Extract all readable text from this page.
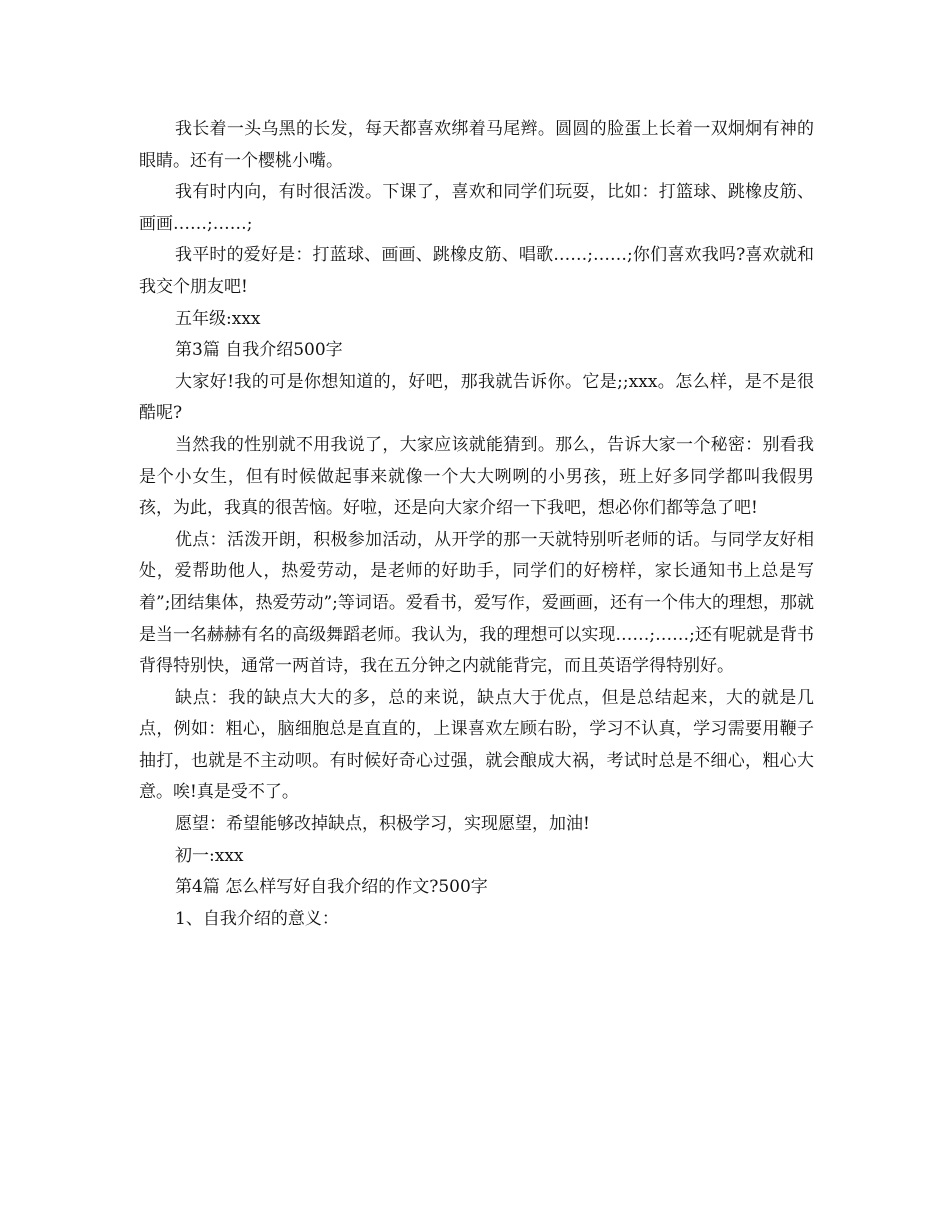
我长着一头乌黑的长发，每天都喜欢绑着马尾辫。圆圆的脸蛋上长着一双炯炯有神的眼睛。还有一个樱桃小嘴。

我有时内向，有时很活泼。下课了，喜欢和同学们玩耍，比如：打篮球、跳橡皮筋、画画……;……;

我平时的爱好是：打蓝球、画画、跳橡皮筋、唱歌……;……;你们喜欢我吗?喜欢就和我交个朋友吧!

五年级:xxx

第3篇 自我介绍500字

大家好!我的可是你想知道的，好吧，那我就告诉你。它是;;xxx。怎么样，是不是很酷呢?

当然我的性别就不用我说了，大家应该就能猜到。那么，告诉大家一个秘密：别看我是个小女生，但有时候做起事来就像一个大大咧咧的小男孩，班上好多同学都叫我假男孩，为此，我真的很苦恼。好啦，还是向大家介绍一下我吧，想必你们都等急了吧!

优点：活泼开朗，积极参加活动，从开学的那一天就特别听老师的话。与同学友好相处，爱帮助他人，热爱劳动，是老师的好助手，同学们的好榜样，家长通知书上总是写着”;团结集体，热爱劳动”;等词语。爱看书，爱写作，爱画画，还有一个伟大的理想，那就是当一名赫赫有名的高级舞蹈老师。我认为，我的理想可以实现……;……;还有呢就是背书背得特别快，通常一两首诗，我在五分钟之内就能背完，而且英语学得特别好。

缺点：我的缺点大大的多，总的来说，缺点大于优点，但是总结起来，大的就是几点，例如：粗心，脑细胞总是直直的，上课喜欢左顾右盼，学习不认真，学习需要用鞭子抽打，也就是不主动呗。有时候好奇心过强，就会酿成大祸，考试时总是不细心，粗心大意。唉!真是受不了。

愿望：希望能够改掉缺点，积极学习，实现愿望，加油!

初一:xxx

第4篇 怎么样写好自我介绍的作文?500字

1、自我介绍的意义：
